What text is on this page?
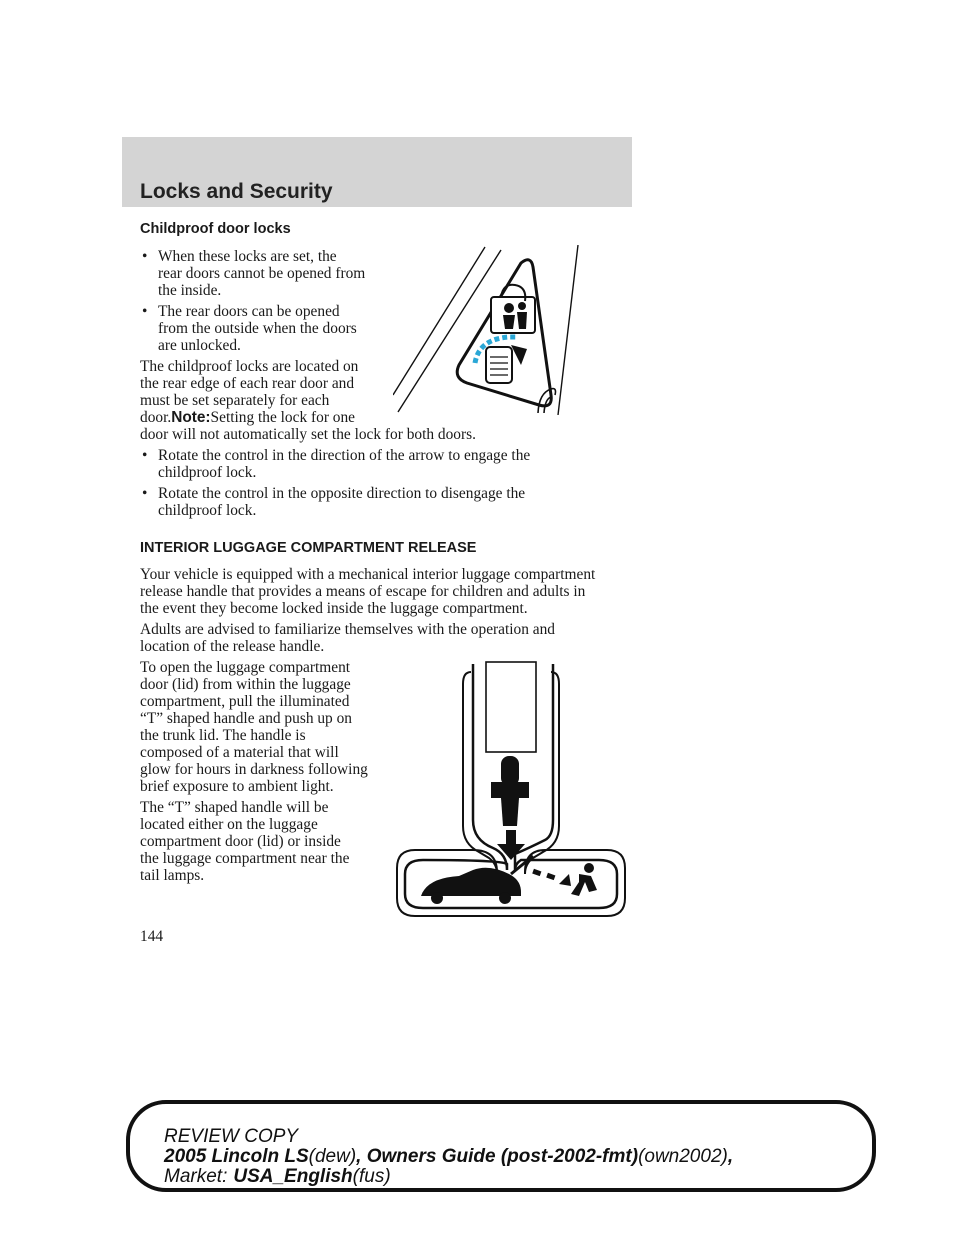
Locks and Security
Childproof door locks
• When these locks are set, the
rear doors cannot be opened from
the inside.
• The rear doors can be opened
from the outside when the doors
are unlocked.
The childproof locks are located on
the rear edge of each rear door and
must be set separately for each
door.Note:Setting the lock for one
door will not automatically set the lock for both doors.
• Rotate the control in the direction of the arrow to engage the
childproof lock.
• Rotate the control in the opposite direction to disengage the
childproof lock.
INTERIOR LUGGAGE COMPARTMENT RELEASE
Your vehicle is equipped with a mechanical interior luggage compartment
release handle that provides a means of escape for children and adults in
the event they become locked inside the luggage compartment.
Adults are advised to familiarize themselves with the operation and
location of the release handle.
To open the luggage compartment
door (lid) from within the luggage
compartment, pull the illuminated
“T” shaped handle and push up on
the trunk lid. The handle is
composed of a material that will
glow for hours in darkness following
brief exposure to ambient light.
The “T” shaped handle will be
located either on the luggage
compartment door (lid) or inside
the luggage compartment near the
tail lamps.
144
REVIEW COPY
2005 Lincoln LS(dew), Owners Guide (post-2002-fmt)(own2002),
Market: USA_English(fus)
